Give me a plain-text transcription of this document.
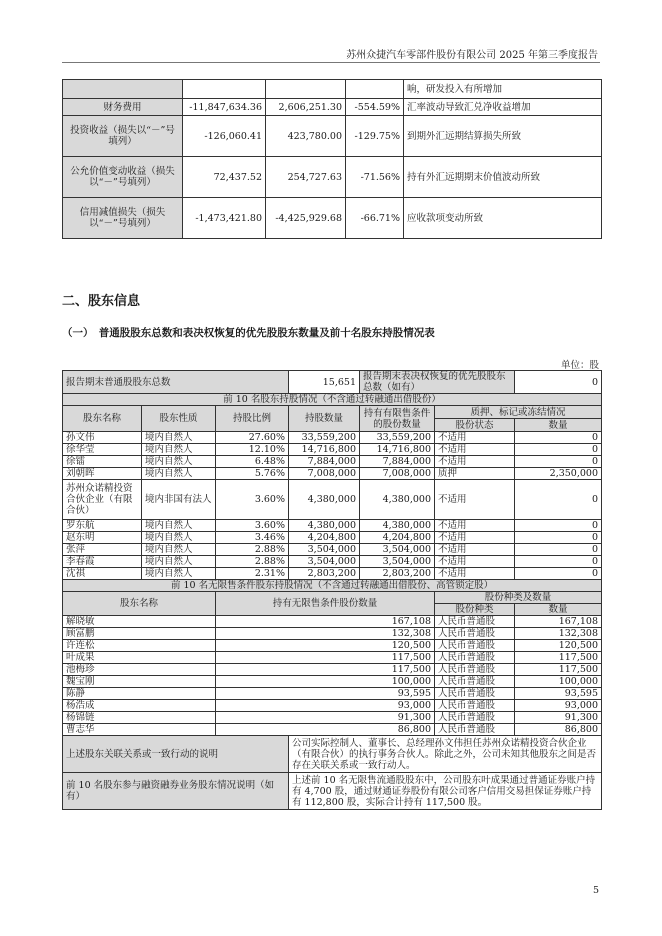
苏州众捷汽车零部件股份有限公司 2025 年第三季度报告
				响，研发投入有所增加
财务费用	-11,847,634.36	2,606,251.30	-554.59%	汇率波动导致汇兑净收益增加
投资收益（损失以“－”号填列）	-126,060.41	423,780.00	-129.75%	到期外汇远期结算损失所致
公允价值变动收益（损失以“－”号填列）	72,437.52	254,727.63	-71.56%	持有外汇远期期末价值波动所致
信用减值损失（损失以“－”号填列）	-1,473,421.80	-4,425,929.68	-66.71%	应收款项变动所致
二、股东信息
（一）　普通股股东总数和表决权恢复的优先股股东数量及前十名股东持股情况表
单位：股
报告期末普通股股东总数			15,651	报告期末表决权恢复的优先股股东总数（如有）		0
前 10 名股东持股情况（不含通过转融通出借股份）						
股东名称	股东性质	持股比例	持股数量	持有有限售条件的股份数量	质押、标记或冻结情况	
					股份状态	数量
孙文伟	境内自然人	27.60%	33,559,200	33,559,200	不适用	0
徐华莹	境内自然人	12.10%	14,716,800	14,716,800	不适用	0
徐镭	境内自然人	6.48%	7,884,000	7,884,000	不适用	0
刘朝晖	境内自然人	5.76%	7,008,000	7,008,000	质押	2,350,000
苏州众诺精投资合伙企业（有限合伙）	境内非国有法人	3.60%	4,380,000	4,380,000	不适用	0
罗东航	境内自然人	3.60%	4,380,000	4,380,000	不适用	0
赵东明	境内自然人	3.46%	4,204,800	4,204,800	不适用	0
张萍	境内自然人	2.88%	3,504,000	3,504,000	不适用	0
李春霞	境内自然人	2.88%	3,504,000	3,504,000	不适用	0
沈祺	境内自然人	2.31%	2,803,200	2,803,200	不适用	0
前 10 名无限售条件股东持股情况（不含通过转融通出借股份、高管锁定股）						
股东名称		持有无限售条件股份数量			股份种类及数量	
					股份种类	数量
解晓敏		167,108			人民币普通股	167,108
顾富鹏		132,308			人民币普通股	132,308
许连松		120,500			人民币普通股	120,500
叶成果		117,500			人民币普通股	117,500
池梅珍		117,500			人民币普通股	117,500
魏宝刚		100,000			人民币普通股	100,000
陈静		93,595			人民币普通股	93,595
杨浩成		93,000			人民币普通股	93,000
杨锦链		91,300			人民币普通股	91,300
曹志华		86,800			人民币普通股	86,800
上述股东关联关系或一致行动的说明			公司实际控制人、董事长、总经理孙文伟担任苏州众诺精投资合伙企业（有限合伙）的执行事务合伙人。除此之外，公司未知其他股东之间是否存在关联关系或一致行动人。			
前 10 名股东参与融资融券业务股东情况说明（如有）			上述前 10 名无限售流通股股东中，公司股东叶成果通过普通证券账户持有 4,700 股，通过财通证券股份有限公司客户信用交易担保证券账户持有 112,800 股，实际合计持有 117,500 股。			
5
